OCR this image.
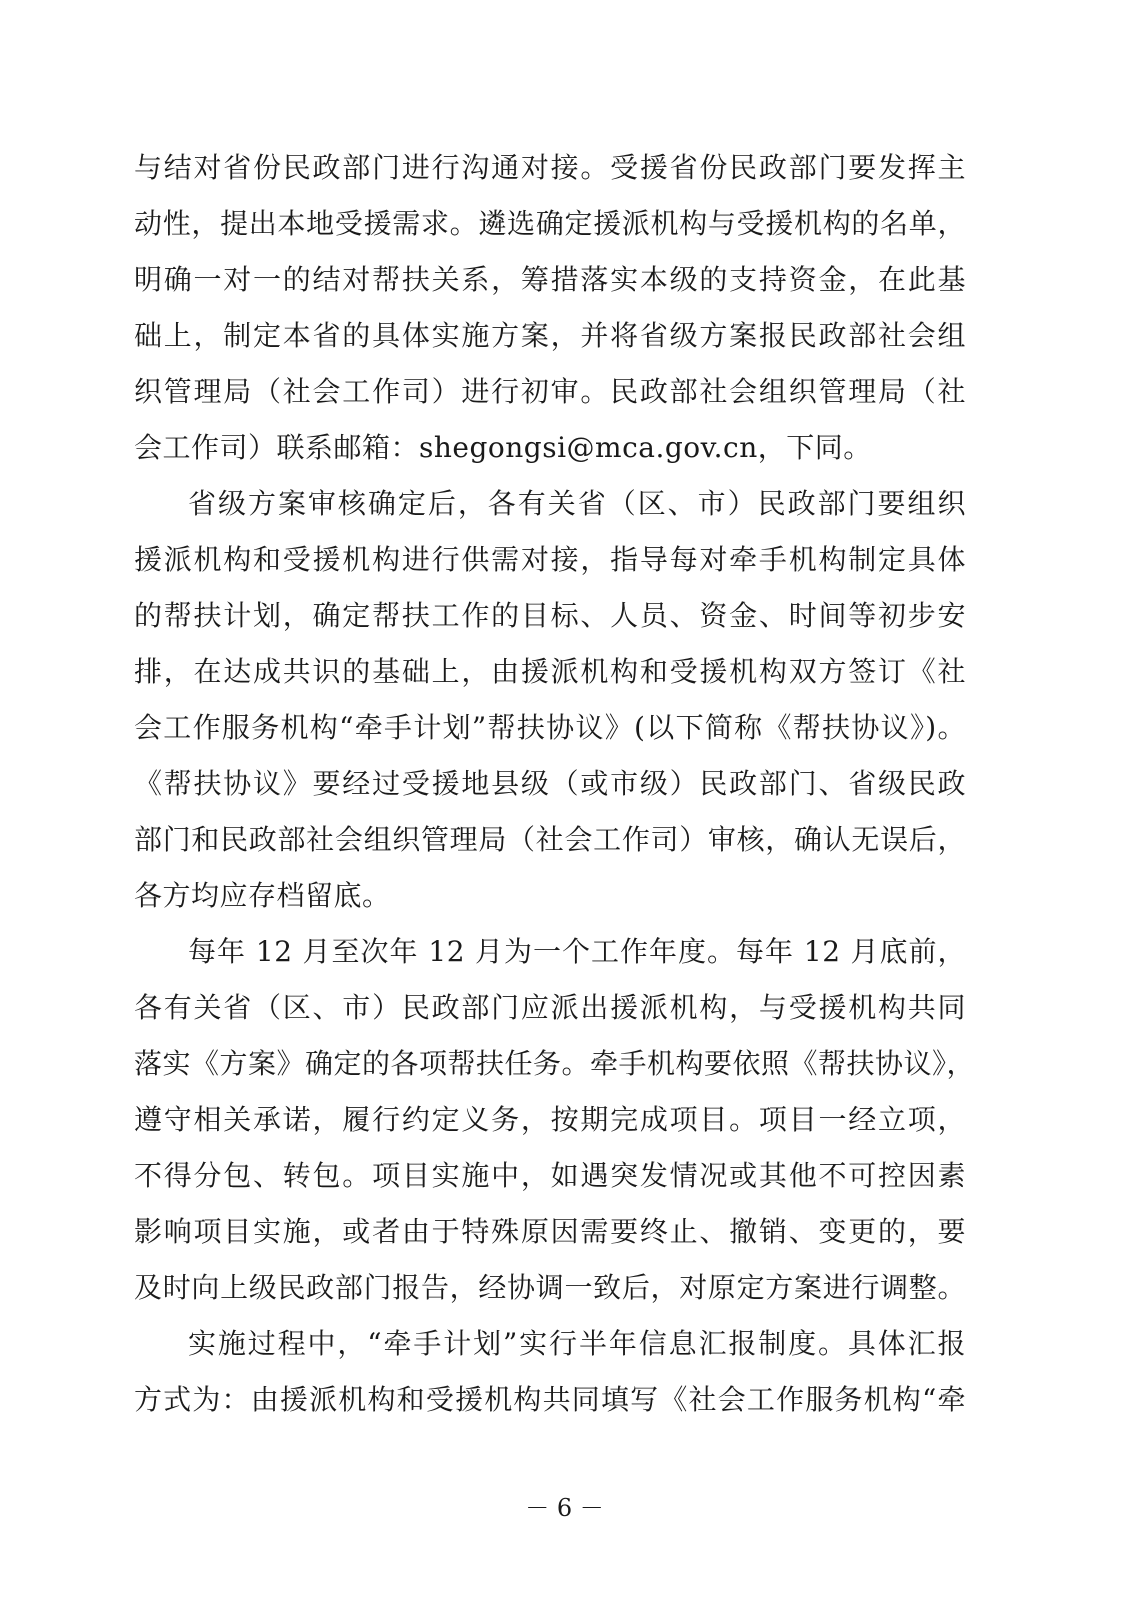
与结对省份民政部门进行沟通对接。受援省份民政部门要发挥主
动性，提出本地受援需求。遴选确定援派机构与受援机构的名单，
明确一对一的结对帮扶关系，筹措落实本级的支持资金，在此基
础上，制定本省的具体实施方案，并将省级方案报民政部社会组
织管理局（社会工作司）进行初审。民政部社会组织管理局（社
会工作司）联系邮箱：shegongsi@mca.gov.cn，下同。
省级方案审核确定后，各有关省（区、市）民政部门要组织
援派机构和受援机构进行供需对接，指导每对牵手机构制定具体
的帮扶计划，确定帮扶工作的目标、人员、资金、时间等初步安
排，在达成共识的基础上，由援派机构和受援机构双方签订《社
会工作服务机构“牵手计划”帮扶协议》(以下简称《帮扶协议》)。
《帮扶协议》要经过受援地县级（或市级）民政部门、省级民政
部门和民政部社会组织管理局（社会工作司）审核，确认无误后，
各方均应存档留底。
每年 12 月至次年 12 月为一个工作年度。每年 12 月底前，
各有关省（区、市）民政部门应派出援派机构，与受援机构共同
落实《方案》确定的各项帮扶任务。牵手机构要依照《帮扶协议》，
遵守相关承诺，履行约定义务，按期完成项目。项目一经立项，
不得分包、转包。项目实施中，如遇突发情况或其他不可控因素
影响项目实施，或者由于特殊原因需要终止、撤销、变更的，要
及时向上级民政部门报告，经协调一致后，对原定方案进行调整。
实施过程中，“牵手计划”实行半年信息汇报制度。具体汇报
方式为：由援派机构和受援机构共同填写《社会工作服务机构“牵
－ 6 －
